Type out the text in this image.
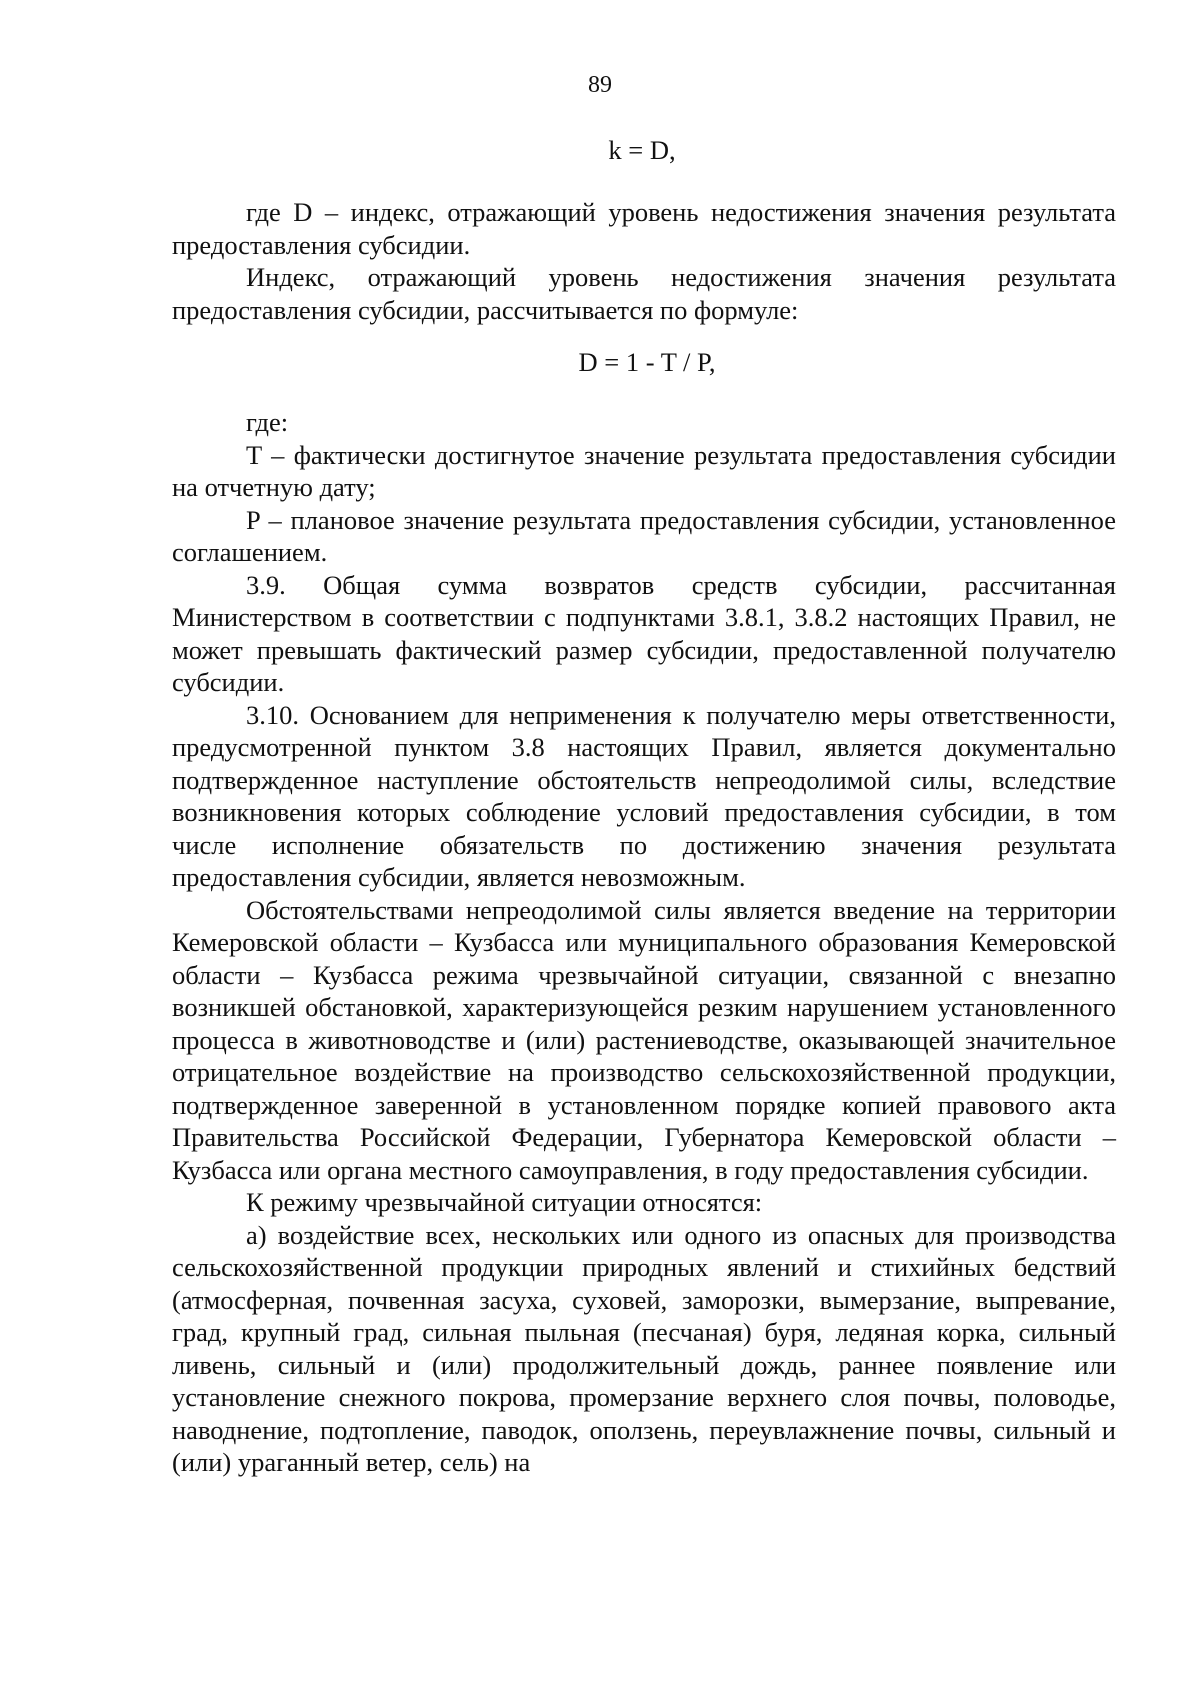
89
k = D,

где D – индекс, отражающий уровень недостижения значения результата предоставления субсидии.

Индекс, отражающий уровень недостижения значения результата предоставления субсидии, рассчитывается по формуле:

D = 1 - T / P,

где:

T – фактически достигнутое значение результата предоставления субсидии на отчетную дату;

P – плановое значение результата предоставления субсидии, установленное соглашением.

3.9. Общая сумма возвратов средств субсидии, рассчитанная Министерством в соответствии с подпунктами 3.8.1, 3.8.2 настоящих Правил, не может превышать фактический размер субсидии, предоставленной получателю субсидии.

3.10. Основанием для неприменения к получателю меры ответственности, предусмотренной пунктом 3.8 настоящих Правил, является документально подтвержденное наступление обстоятельств непреодолимой силы, вследствие возникновения которых соблюдение условий предоставления субсидии, в том числе исполнение обязательств по достижению значения результата предоставления субсидии, является невозможным.

Обстоятельствами непреодолимой силы является введение на территории Кемеровской области – Кузбасса или муниципального образования Кемеровской области – Кузбасса режима чрезвычайной ситуации, связанной с внезапно возникшей обстановкой, характеризующейся резким нарушением установленного процесса в животноводстве и (или) растениеводстве, оказывающей значительное отрицательное воздействие на производство сельскохозяйственной продукции, подтвержденное заверенной в установленном порядке копией правового акта Правительства Российской Федерации, Губернатора Кемеровской области – Кузбасса или органа местного самоуправления, в году предоставления субсидии.

К режиму чрезвычайной ситуации относятся:

а) воздействие всех, нескольких или одного из опасных для производства сельскохозяйственной продукции природных явлений и стихийных бедствий (атмосферная, почвенная засуха, суховей, заморозки, вымерзание, выпревание, град, крупный град, сильная пыльная (песчаная) буря, ледяная корка, сильный ливень, сильный и (или) продолжительный дождь, раннее появление или установление снежного покрова, промерзание верхнего слоя почвы, половодье, наводнение, подтопление, паводок, оползень, переувлажнение почвы, сильный и (или) ураганный ветер, сель) на
